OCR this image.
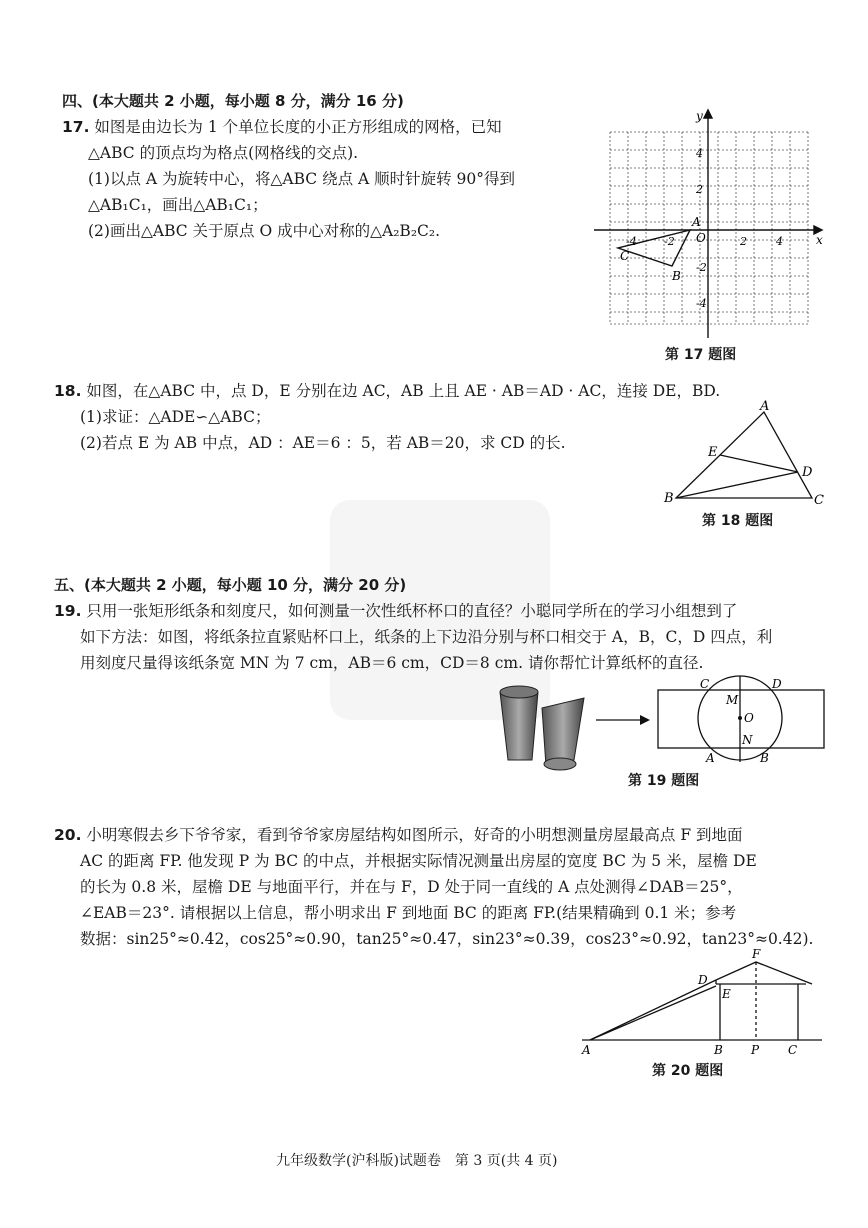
四、(本大题共 2 小题，每小题 8 分，满分 16 分)
17. 如图是由边长为 1 个单位长度的小正方形组成的网格，已知
△ABC 的顶点均为格点(网格线的交点).
(1)以点 A 为旋转中心，将△ABC 绕点 A 顺时针旋转 90°得到
△AB₁C₁，画出△AB₁C₁；
(2)画出△ABC 关于原点 O 成中心对称的△A₂B₂C₂.	x
y
O
-4 -2	2	4
4
2
-2
-4
A
B
C
第 17 题图
18. 如图，在△ABC 中，点 D，E 分别在边 AC，AB 上且 AE · AB＝AD · AC，连接 DE，BD.
(1)求证：△ADE∽△ABC；
(2)若点 E 为 AB 中点，AD ：AE＝6 ：5，若 AB＝20，求 CD 的长.
A
B	C
D
E
第 18 题图
五、(本大题共 2 小题，每小题 10 分，满分 20 分)
19. 只用一张矩形纸条和刻度尺，如何测量一次性纸杯杯口的直径？小聪同学所在的学习小组想到了
如下方法：如图，将纸条拉直紧贴杯口上，纸条的上下边沿分别与杯口相交于 A，B，C，D 四点，利
用刻度尺量得该纸条宽 MN 为 7 cm，AB＝6 cm，CD＝8 cm. 请你帮忙计算纸杯的直径.
C	D
M
O
N
A	B
第 19 题图
20. 小明寒假去乡下爷爷家，看到爷爷家房屋结构如图所示，好奇的小明想测量房屋最高点 F 到地面
AC 的距离 FP. 他发现 P 为 BC 的中点，并根据实际情况测量出房屋的宽度 BC 为 5 米，屋檐 DE
的长为 0.8 米，屋檐 DE 与地面平行，并在与 F，D 处于同一直线的 A 点处测得∠DAB＝25°，
∠EAB＝23°. 请根据以上信息，帮小明求出 F 到地面 BC 的距离 FP.(结果精确到 0.1 米；参考
数据：sin25°≈0.42，cos25°≈0.90，tan25°≈0.47，sin23°≈0.39，cos23°≈0.92，tan23°≈0.42).
A	B P C
D
E
F
第 20 题图
九年级数学(沪科版)试题卷　第 3 页(共 4 页)
